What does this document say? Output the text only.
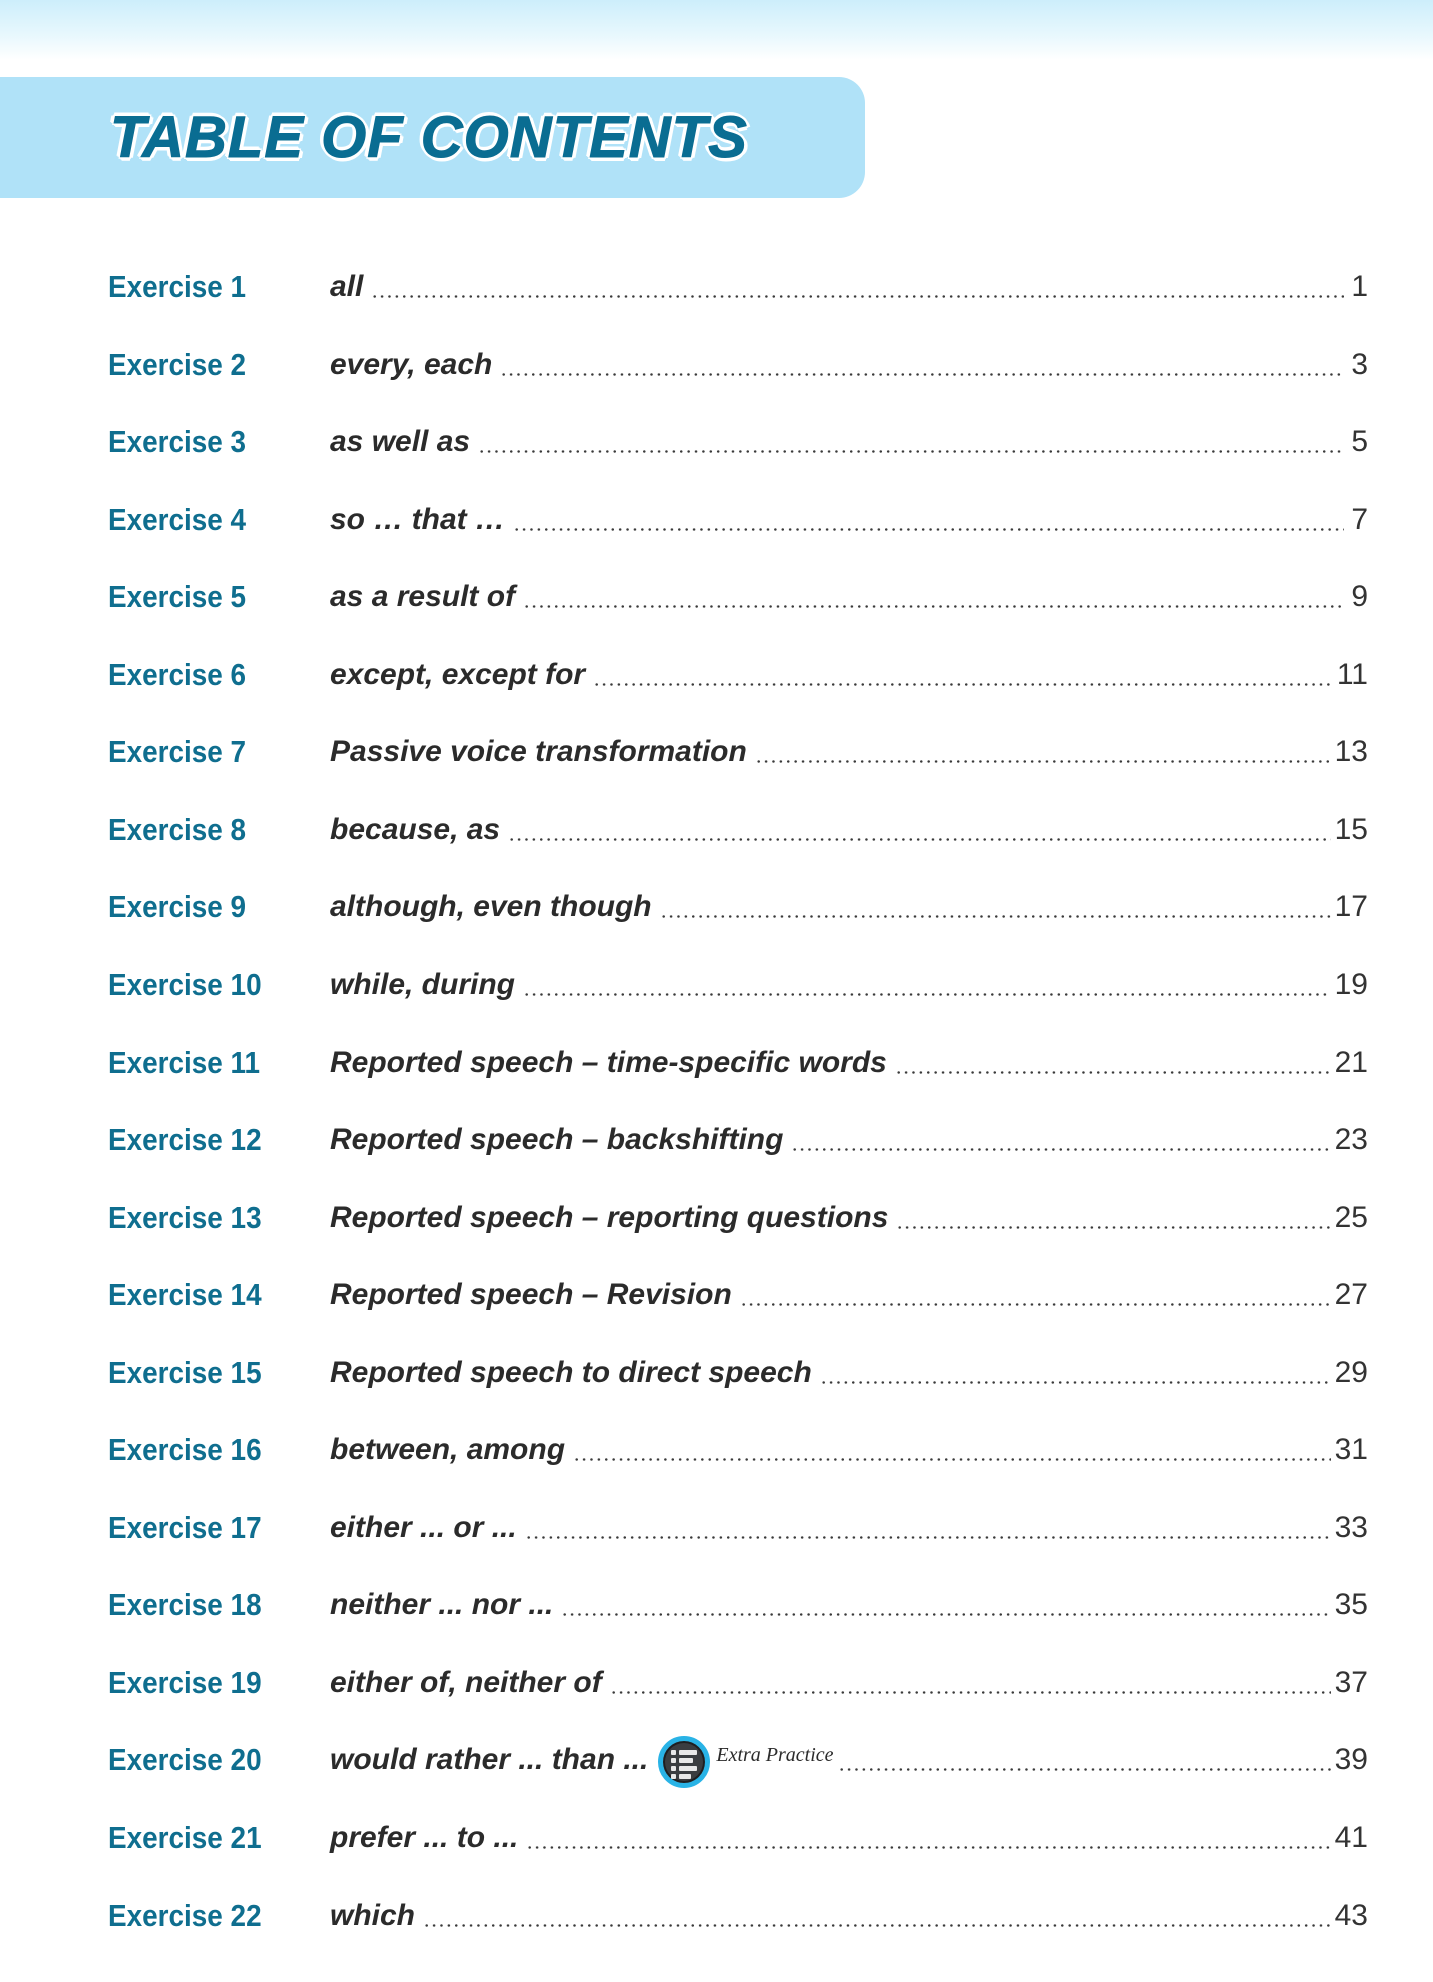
TABLE OF CONTENTS
Exercise 1	all	1
Exercise 2	every, each	3
Exercise 3	as well as	5
Exercise 4	so … that …	7
Exercise 5	as a result of	9
Exercise 6	except, except for	11
Exercise 7	Passive voice transformation	13
Exercise 8	because, as	15
Exercise 9	although, even though	17
Exercise 10	while, during	19
Exercise 11	Reported speech – time-specific words	21
Exercise 12	Reported speech – backshifting	23
Exercise 13	Reported speech – reporting questions	25
Exercise 14	Reported speech – Revision	27
Exercise 15	Reported speech to direct speech	29
Exercise 16	between, among	31
Exercise 17	either ... or ...	33
Exercise 18	neither ... nor ...	35
Exercise 19	either of, neither of	37
Exercise 20	would rather ... than ...	Extra Practice	39
Exercise 21	prefer ... to ...	41
Exercise 22	which	43
